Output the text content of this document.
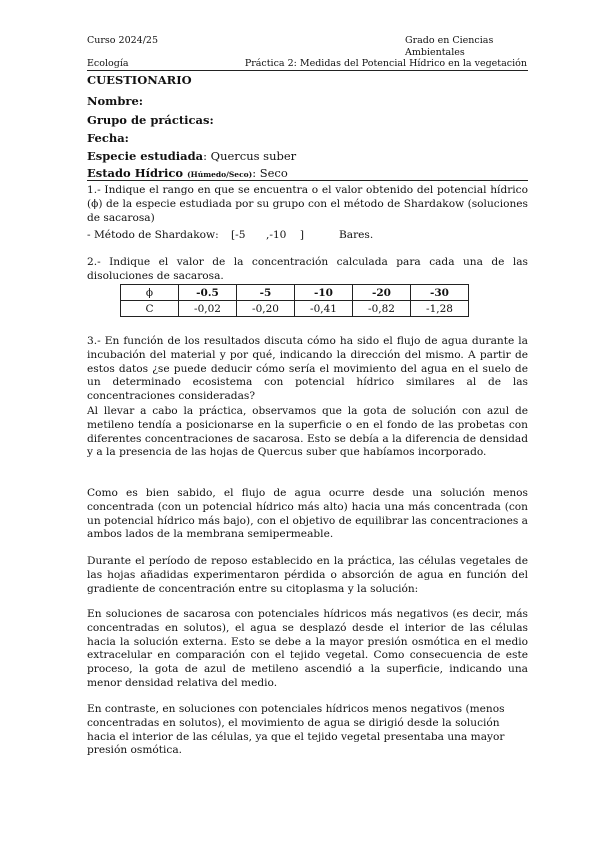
Curso 2024/25
Ecología
Grado en Ciencias Ambientales
Práctica 2: Medidas del Potencial Hídrico en la vegetación
CUESTIONARIO
Nombre:
Grupo de prácticas:
Fecha:
Especie estudiada: Quercus suber
Estado Hídrico (Húmedo/Seco): Seco
1.- Indique el rango en que se encuentra o el valor obtenido del potencial hídrico (ϕ) de la especie estudiada por su grupo con el método de Shardakow (soluciones de sacarosa)
- Método de Shardakow: [-5 ,-10    ]	Bares.
2.- Indique el valor de la concentración calculada para cada una de las disoluciones de sacarosa.
ϕ	-0.5	-5	-10	-20	-30
C	-0,02	-0,20	-0,41	-0,82	-1,28
3.- En función de los resultados discuta cómo ha sido el flujo de agua durante la incubación del material y por qué, indicando la dirección del mismo. A partir de estos datos ¿se puede deducir cómo sería el movimiento del agua en el suelo de un determinado ecosistema con potencial hídrico similares al de las concentraciones consideradas?
Al llevar a cabo la práctica, observamos que la gota de solución con azul de metileno tendía a posicionarse en la superficie o en el fondo de las probetas con diferentes concentraciones de sacarosa. Esto se debía a la diferencia de densidad y a la presencia de las hojas de Quercus suber que habíamos incorporado.
Como es bien sabido, el flujo de agua ocurre desde una solución menos concentrada (con un potencial hídrico más alto) hacia una más concentrada (con un potencial hídrico más bajo), con el objetivo de equilibrar las concentraciones a ambos lados de la membrana semipermeable.
Durante el período de reposo establecido en la práctica, las células vegetales de las hojas añadidas experimentaron pérdida o absorción de agua en función del gradiente de concentración entre su citoplasma y la solución:
En soluciones de sacarosa con potenciales hídricos más negativos (es decir, más concentradas en solutos), el agua se desplazó desde el interior de las células hacia la solución externa. Esto se debe a la mayor presión osmótica en el medio extracelular en comparación con el tejido vegetal. Como consecuencia de este proceso, la gota de azul de metileno ascendió a la superficie, indicando una menor densidad relativa del medio.
En contraste, en soluciones con potenciales hídricos menos negativos (menos concentradas en solutos), el movimiento de agua se dirigió desde la solución hacia el interior de las células, ya que el tejido vegetal presentaba una mayor presión osmótica.
